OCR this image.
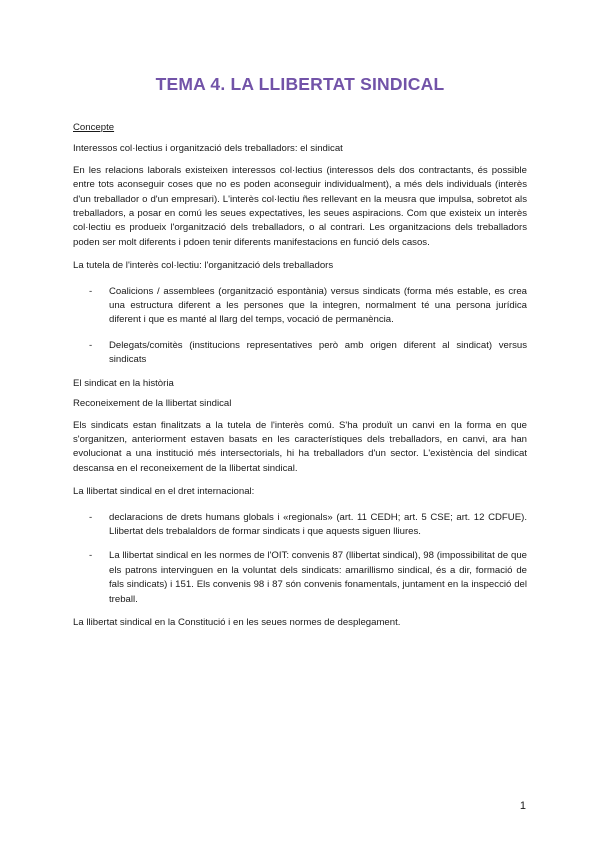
TEMA 4. LA LLIBERTAT SINDICAL

Concepte

Interessos col·lectius i organització dels treballadors: el sindicat

En les relacions laborals existeixen interessos col·lectius (interessos dels dos contractants, és possible entre tots aconseguir coses que no es poden aconseguir individualment), a més dels individuals (interès d'un treballador o d'un empresari). L'interès col·lectiu ñes rellevant en la meusra que impulsa, sobretot als treballadors, a posar en comú les seues expectatives, les seues aspiracions. Com que existeix un interès col·lectiu es produeix l'organització dels treballadors, o al contrari. Les organitzacions dels treballadors poden ser molt diferents i pdoen tenir diferents manifestacions en funció dels casos.

La tutela de l'interès col·lectiu: l'organització dels treballadors

- Coalicions / assemblees (organització espontània) versus sindicats (forma més estable, es crea una estructura diferent a les persones que la integren, normalment té una persona jurídica diferent i que es manté al llarg del temps, vocació de permanència.
- Delegats/comitès (institucions representatives però amb origen diferent al sindicat) versus sindicats

El sindicat en la història

Reconeixement de la llibertat sindical

Els sindicats estan finalitzats a la tutela de l'interès comú. S'ha produït un canvi en la forma en que s'organitzen, anteriorment estaven basats en les característiques dels treballadors, en canvi, ara han evolucionat a una institució més intersectorials, hi ha treballadors d'un sector. L'existència del sindicat descansa en el reconeixement de la llibertat sindical.

La llibertat sindical en el dret internacional:

- declaracions de drets humans globals i «regionals» (art. 11 CEDH; art. 5 CSE; art. 12 CDFUE). Llibertat dels trebalaldors de formar sindicats i que aquests siguen lliures.
- La llibertat sindical en les normes de l'OIT: convenis 87 (llibertat sindical), 98 (impossibilitat de que els patrons intervinguen en la voluntat dels sindicats: amarillismo sindical, és a dir, formació de fals sindicats) i 151. Els convenis 98 i 87 són convenis fonamentals, juntament en la inspecció del treball.

La llibertat sindical en la Constitució i en les seues normes de desplegament.

1
